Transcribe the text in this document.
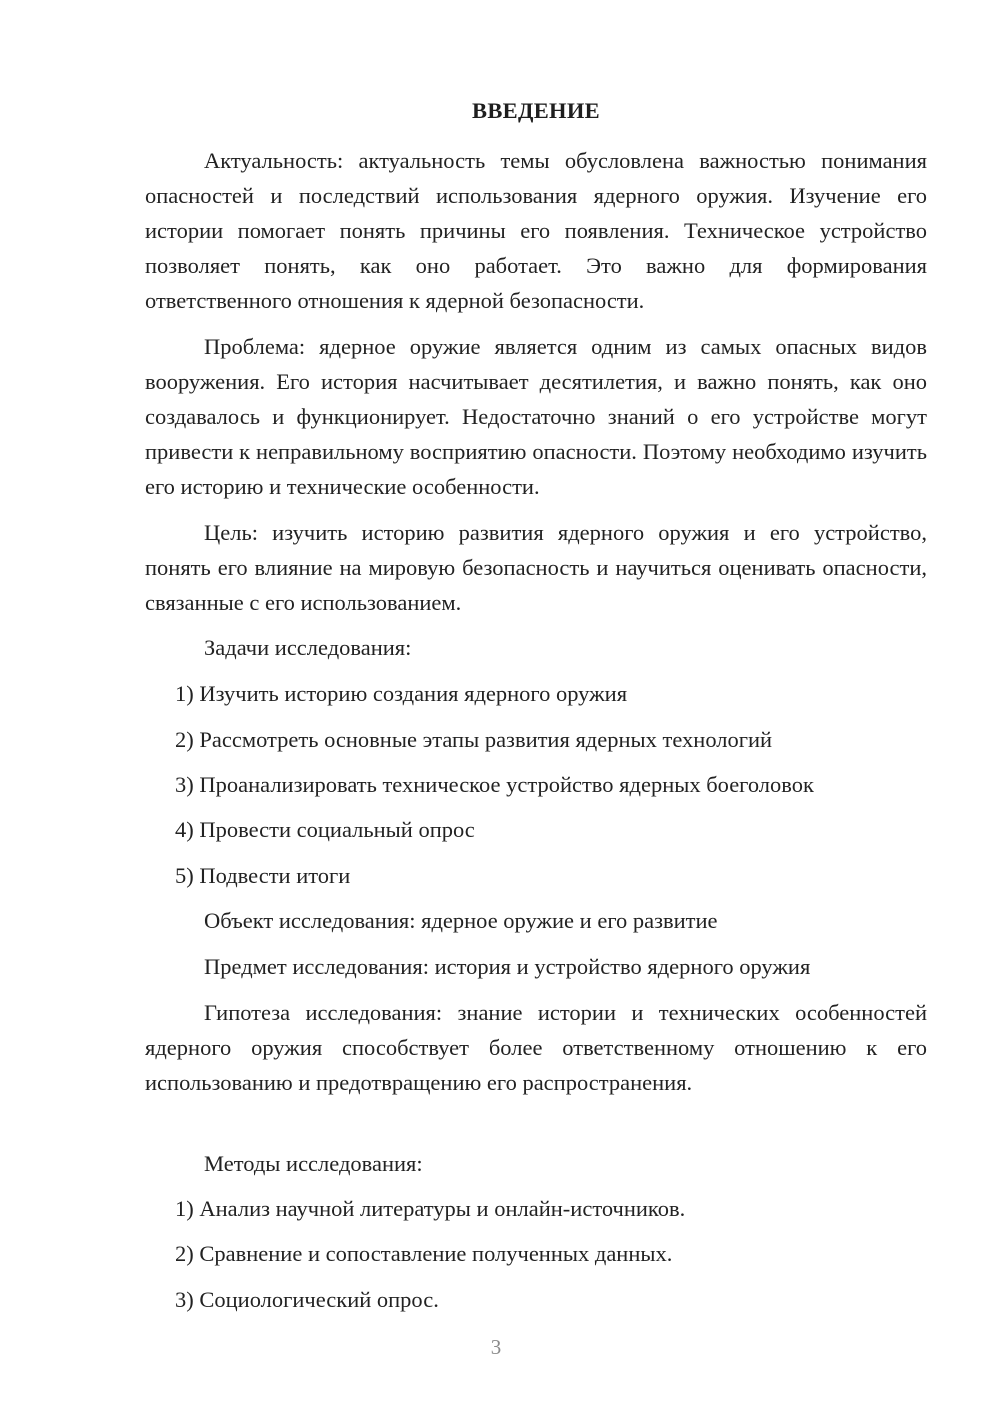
ВВЕДЕНИЕ
Актуальность: актуальность темы обусловлена важностью понимания опасностей и последствий использования ядерного оружия. Изучение его истории помогает понять причины его появления. Техническое устройство позволяет понять, как оно работает. Это важно для формирования ответственного отношения к ядерной безопасности.
Проблема: ядерное оружие является одним из самых опасных видов вооружения. Его история насчитывает десятилетия, и важно понять, как оно создавалось и функционирует. Недостаточно знаний о его устройстве могут привести к неправильному восприятию опасности. Поэтому необходимо изучить его историю и технические особенности.
Цель: изучить историю развития ядерного оружия и его устройство, понять его влияние на мировую безопасность и научиться оценивать опасности, связанные с его использованием.
Задачи исследования:
1) Изучить историю создания ядерного оружия
2) Рассмотреть основные этапы развития ядерных технологий
3) Проанализировать техническое устройство ядерных боеголовок
4) Провести социальный опрос
5) Подвести итоги
Объект исследования: ядерное оружие и его развитие
Предмет исследования: история и устройство ядерного оружия
Гипотеза исследования: знание истории и технических особенностей ядерного оружия способствует более ответственному отношению к его использованию и предотвращению его распространения.
Методы исследования:
1) Анализ научной литературы и онлайн-источников.
2) Сравнение и сопоставление полученных данных.
3) Социологический опрос.
3
